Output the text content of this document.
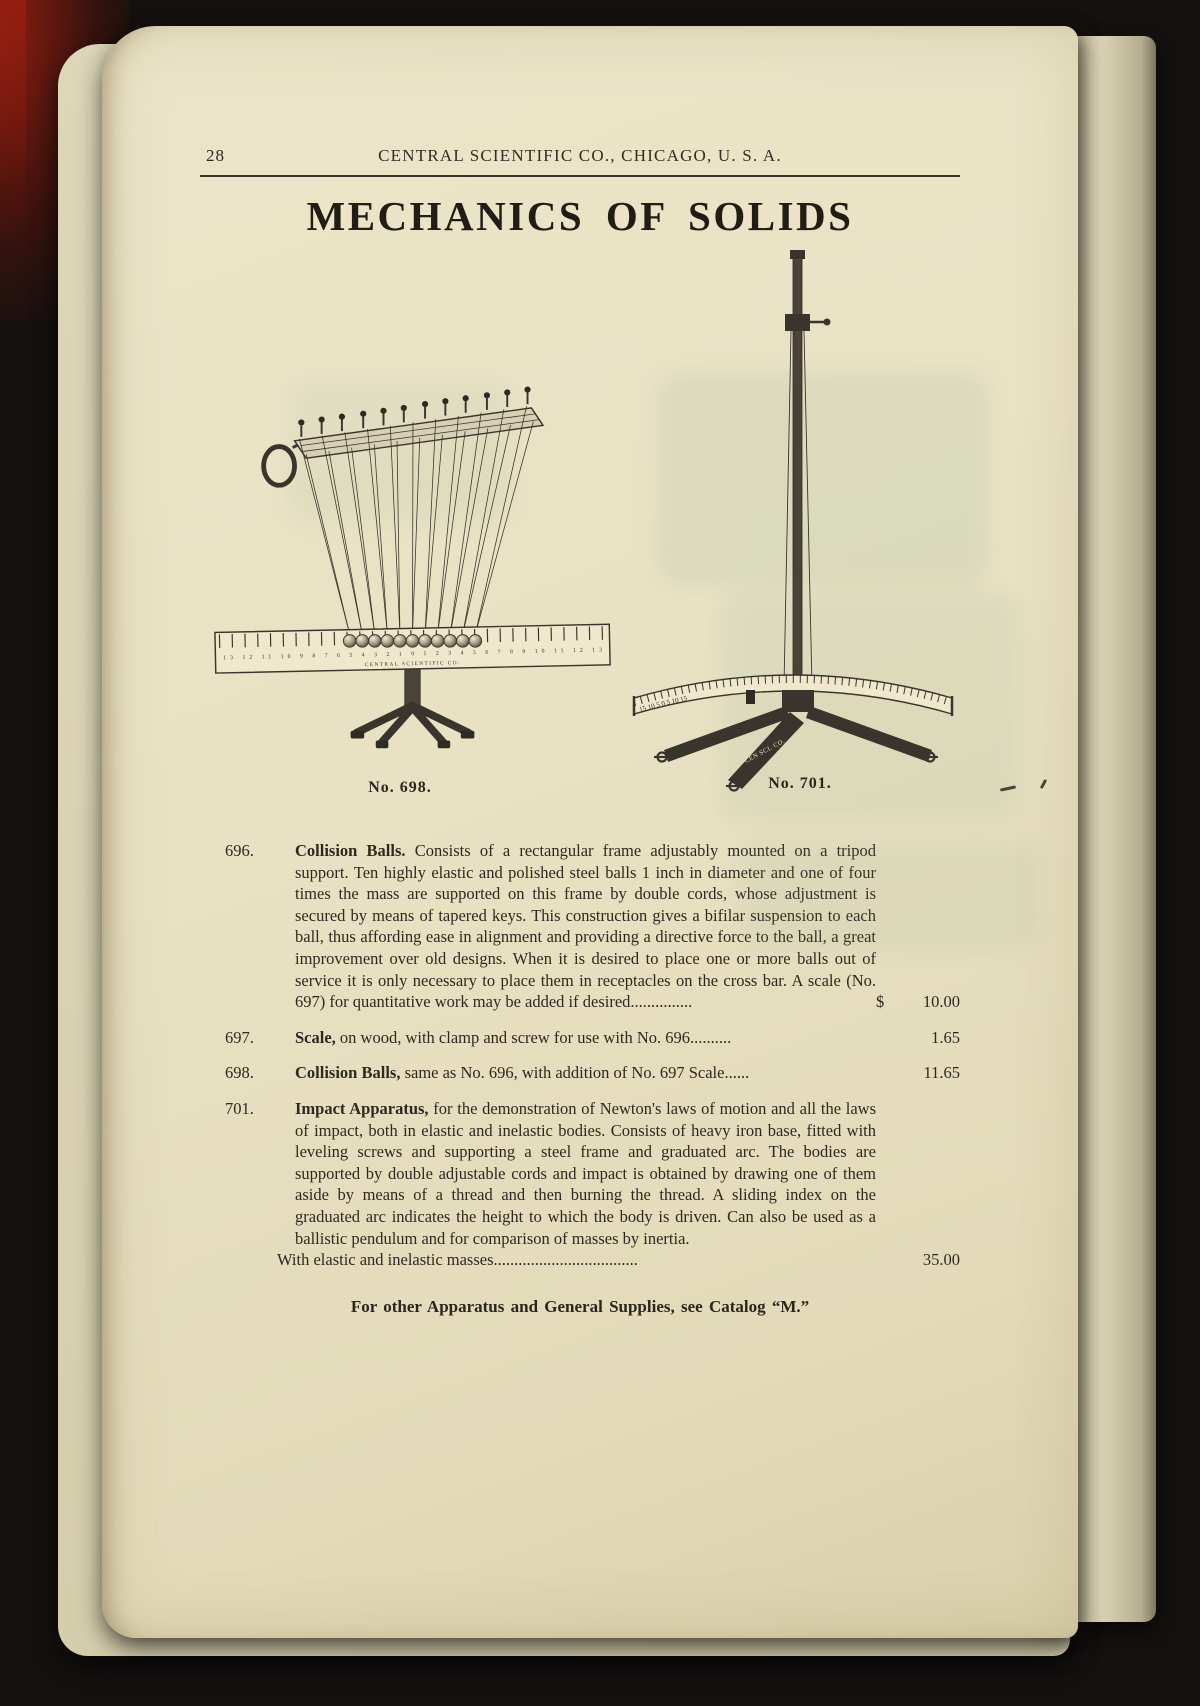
28	CENTRAL SCIENTIFIC CO., CHICAGO, U. S. A.
MECHANICS OF SOLIDS
13 12 11 10 9 8 7 6 5 4 3 2 1 0 1 2 3 4 5 6 7 8 9 10 11 12 13
CENTRAL SCIENTIFIC CO.
15 10 5 0 5 10 15
CEN SCI. CO.
No. 698.	No. 701.
696.	Collision Balls. Consists of a rectangular frame adjustably mounted on a tripod support. Ten highly elastic and polished steel balls 1 inch in diameter and one of four times the mass are supported on this frame by double cords, whose adjustment is secured by means of tapered keys. This construction gives a bifilar suspension to each ball, thus affording ease in alignment and providing a directive force to the ball, a great improvement over old designs. When it is desired to place one or more balls out of service it is only necessary to place them in receptacles on the cross bar. A scale (No. 697) for quantitative work may be added if desired...............	$ 10.00
697.	Scale, on wood, with clamp and screw for use with No. 696..........	1.65
698.	Collision Balls, same as No. 696, with addition of No. 697 Scale......	11.65
701.	Impact Apparatus, for the demonstration of Newton's laws of motion and all the laws of impact, both in elastic and inelastic bodies. Consists of heavy iron base, fitted with leveling screws and supporting a steel frame and graduated arc. The bodies are supported by double adjustable cords and impact is obtained by drawing one of them aside by means of a thread and then burning the thread. A sliding index on the graduated arc indicates the height to which the body is driven. Can also be used as a ballistic pendulum and for comparison of masses by inertia.
With elastic and inelastic masses...................................	35.00
For other Apparatus and General Supplies, see Catalog “M.”
